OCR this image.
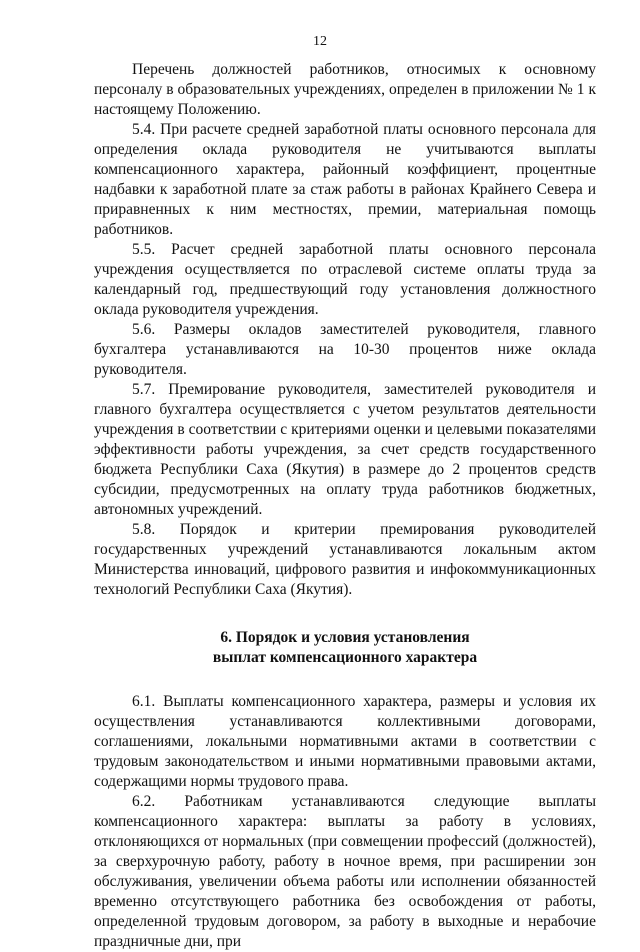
12

Перечень должностей работников, относимых к основному персоналу в образовательных учреждениях, определен в приложении № 1 к настоящему Положению.

5.4. При расчете средней заработной платы основного персонала для определения оклада руководителя не учитываются выплаты компенсационного характера, районный коэффициент, процентные надбавки к заработной плате за стаж работы в районах Крайнего Севера и приравненных к ним местностях, премии, материальная помощь работников.

5.5. Расчет средней заработной платы основного персонала учреждения осуществляется по отраслевой системе оплаты труда за календарный год, предшествующий году установления должностного оклада руководителя учреждения.

5.6. Размеры окладов заместителей руководителя, главного бухгалтера устанавливаются на 10-30 процентов ниже оклада руководителя.

5.7. Премирование руководителя, заместителей руководителя и главного бухгалтера осуществляется с учетом результатов деятельности учреждения в соответствии с критериями оценки и целевыми показателями эффективности работы учреждения, за счет средств государственного бюджета Республики Саха (Якутия) в размере до 2 процентов средств субсидии, предусмотренных на оплату труда работников бюджетных, автономных учреждений.

5.8. Порядок и критерии премирования руководителей государственных учреждений устанавливаются локальным актом Министерства инноваций, цифрового развития и инфокоммуникационных технологий Республики Саха (Якутия).

6. Порядок и условия установления
выплат компенсационного характера

6.1. Выплаты компенсационного характера, размеры и условия их осуществления устанавливаются коллективными договорами, соглашениями, локальными нормативными актами в соответствии с трудовым законодательством и иными нормативными правовыми актами, содержащими нормы трудового права.

6.2. Работникам устанавливаются следующие выплаты компенсационного характера: выплаты за работу в условиях, отклоняющихся от нормальных (при совмещении профессий (должностей), за сверхурочную работу, работу в ночное время, при расширении зон обслуживания, увеличении объема работы или исполнении обязанностей временно отсутствующего работника без освобождения от работы, определенной трудовым договором, за работу в выходные и нерабочие праздничные дни, при
